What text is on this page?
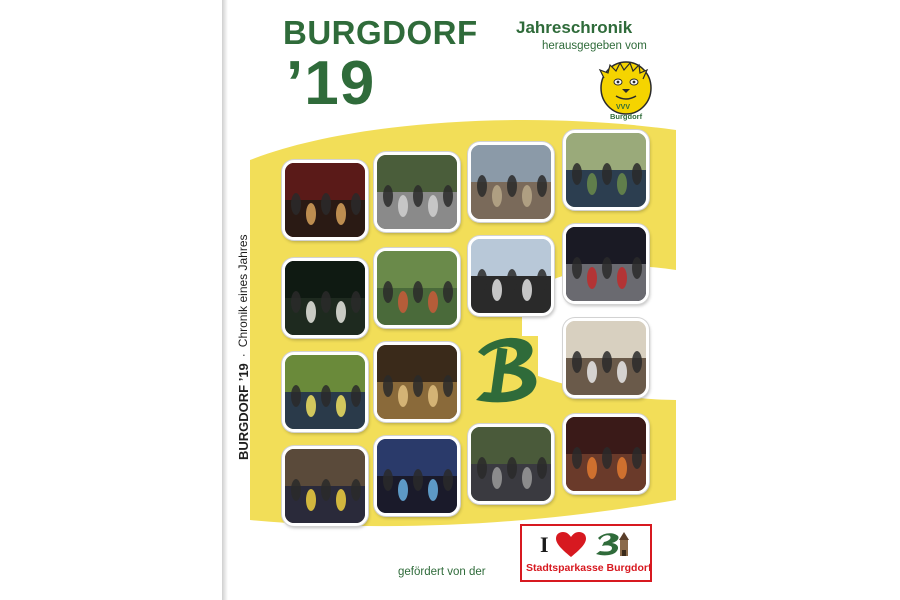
BURGDORF ’19
·
Chronik eines Jahres
BURGDORF
’19
Jahreschronik
herausgegeben vom
VVV
Burgdorf
gefördert von der
I
Stadtsparkasse Burgdorf
